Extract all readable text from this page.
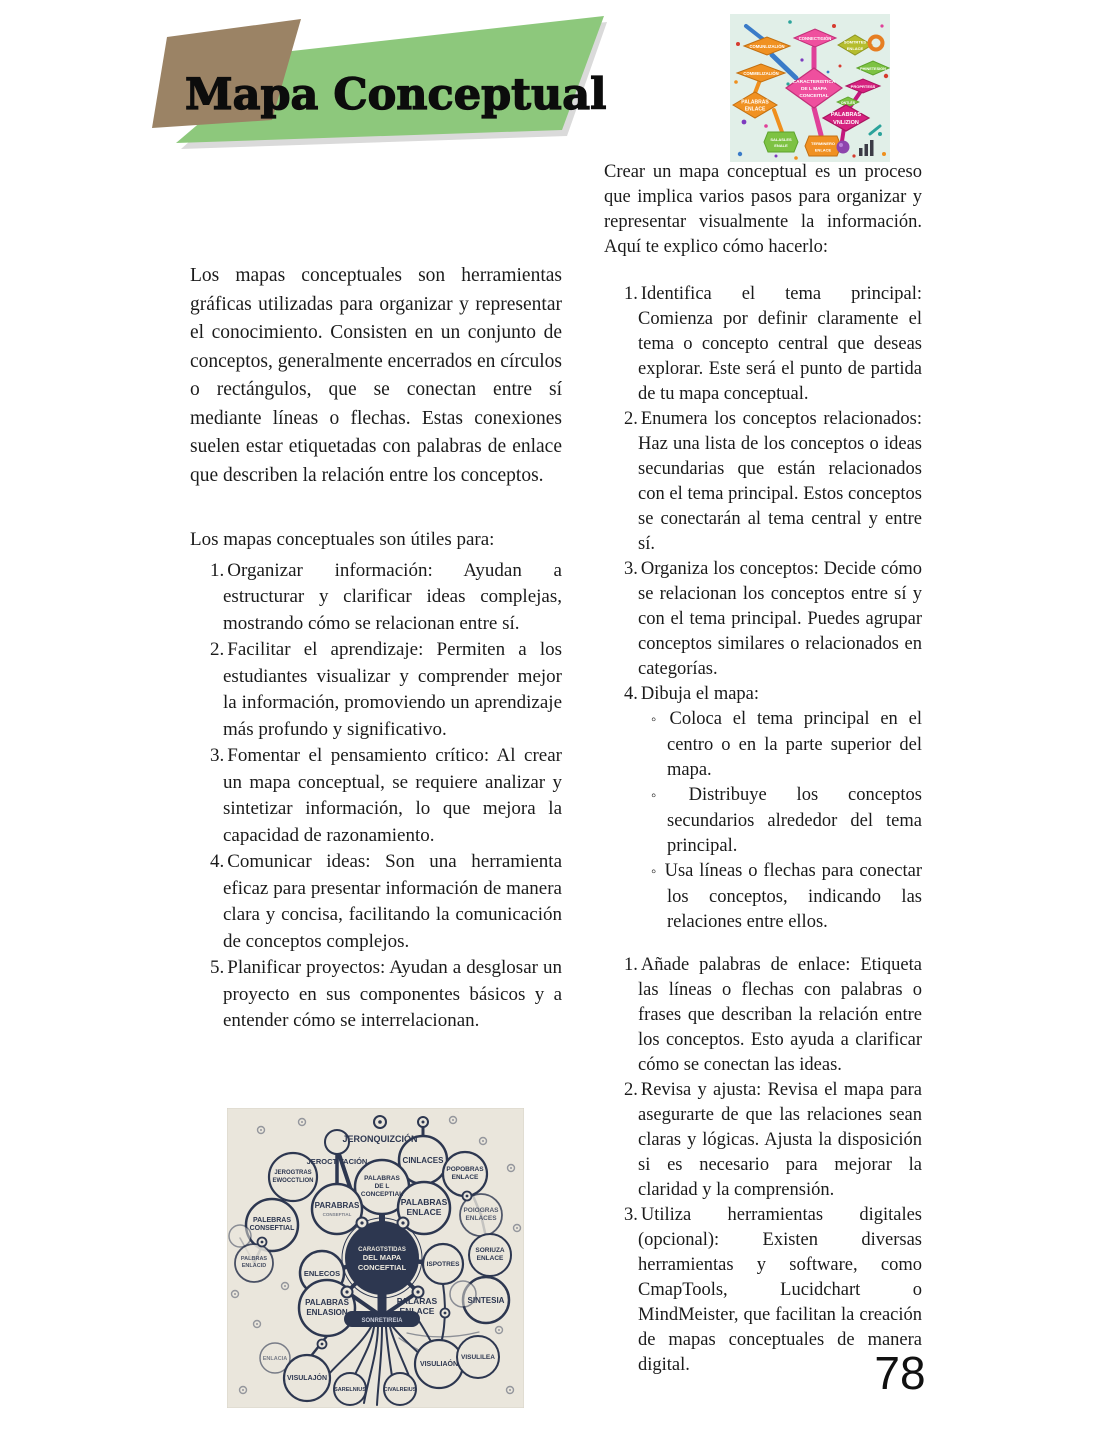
Mapa Conceptual
COMUNLIZALIÓN
CONNECTIGIÓN
SOMTRTES
ENLACE
COMMELIZALIÓN
PHINETESIGN
PROPRTESS
PALABRAS
ENLACE
CARACTERISTICA
DE L MAPA
CONCEITIAL
ONTLÉS
PALABRAS
VNLIZION
SALASLES
ENALE	TERMINERO
ENLACE

Crear un mapa conceptual es un proceso que implica varios pasos para organizar y representar visualmente la información. Aquí te explico cómo hacerlo:

1. Identifica el tema principal: Comienza por definir claramente el tema o concepto central que deseas explorar. Este será el punto de partida de tu mapa conceptual.
2. Enumera los conceptos relacionados: Haz una lista de los conceptos o ideas secundarias que están relacionados con el tema principal. Estos conceptos se conectarán al tema central y entre sí.
3. Organiza los conceptos: Decide cómo se relacionan los conceptos entre sí y con el tema principal. Puedes agrupar conceptos similares o relacionados en categorías.
4. Dibuja el mapa:
◦ Coloca el tema principal en el centro o en la parte superior del mapa.
◦ Distribuye los conceptos secundarios alrededor del tema principal.
◦ Usa líneas o flechas para conectar los conceptos, indicando las relaciones entre ellos.
1. Añade palabras de enlace: Etiqueta las líneas o flechas con palabras o frases que describan la relación entre los conceptos. Esto ayuda a clarificar cómo se conectan las ideas.
2. Revisa y ajusta: Revisa el mapa para asegurarte de que las relaciones sean claras y lógicas. Ajusta la disposición si es necesario para mejorar la claridad y la comprensión.
3. Utiliza herramientas digitales (opcional): Existen diversas herramientas y software, como CmapTools, Lucidchart o MindMeister, que facilitan la creación de mapas conceptuales de manera digital.

Los mapas conceptuales son herramientas gráficas utilizadas para organizar y representar el conocimiento. Consisten en un conjunto de conceptos, generalmente encerrados en círculos o rectángulos, que se conectan entre sí mediante líneas o flechas. Estas conexiones suelen estar etiquetadas con palabras de enlace que describen la relación entre los conceptos.

Los mapas conceptuales son útiles para:

1. Organizar información: Ayudan a estructurar y clarificar ideas complejas, mostrando cómo se relacionan entre sí.
2. Facilitar el aprendizaje: Permiten a los estudiantes visualizar y comprender mejor la información, promoviendo un aprendizaje más profundo y significativo.
3. Fomentar el pensamiento crítico: Al crear un mapa conceptual, se requiere analizar y sintetizar información, lo que mejora la capacidad de razonamiento.
4. Comunicar ideas: Son una herramienta eficaz para presentar información de manera clara y concisa, facilitando la comunicación de conceptos complejos.
5. Planificar proyectos: Ayudan a desglosar un proyecto en sus componentes básicos y a entender cómo se interrelacionan.
JERONQUIZCIÓN
JEROCTITACIÓN	CINLACES
POPOBRAS
ENLACE
JEROGTRAS
EWOCCTLION	PALABRAS
DE L
CONCEPTIAL
PARABRAS
CONSEFTIAL
PALABRAS
ENLACE	POIOGRAS
ENLACES
PALEBRAS
CONSEFTIAL
PALBRAS
ENLACID	ISPOTRES
ENLECOS
SORIUZA
ENLACE
SINTESIA
PALABRAS
ENLASION
PALARAS
ENLACE
ENLACIA
VISULIAÓN
VISULILEA
VISULAJÓN
SARELNIUS	CIVALREIUS
CARAGTSTIDAS
DEL MAPA
CONCEFTIAL
SONRETIREIA
78
